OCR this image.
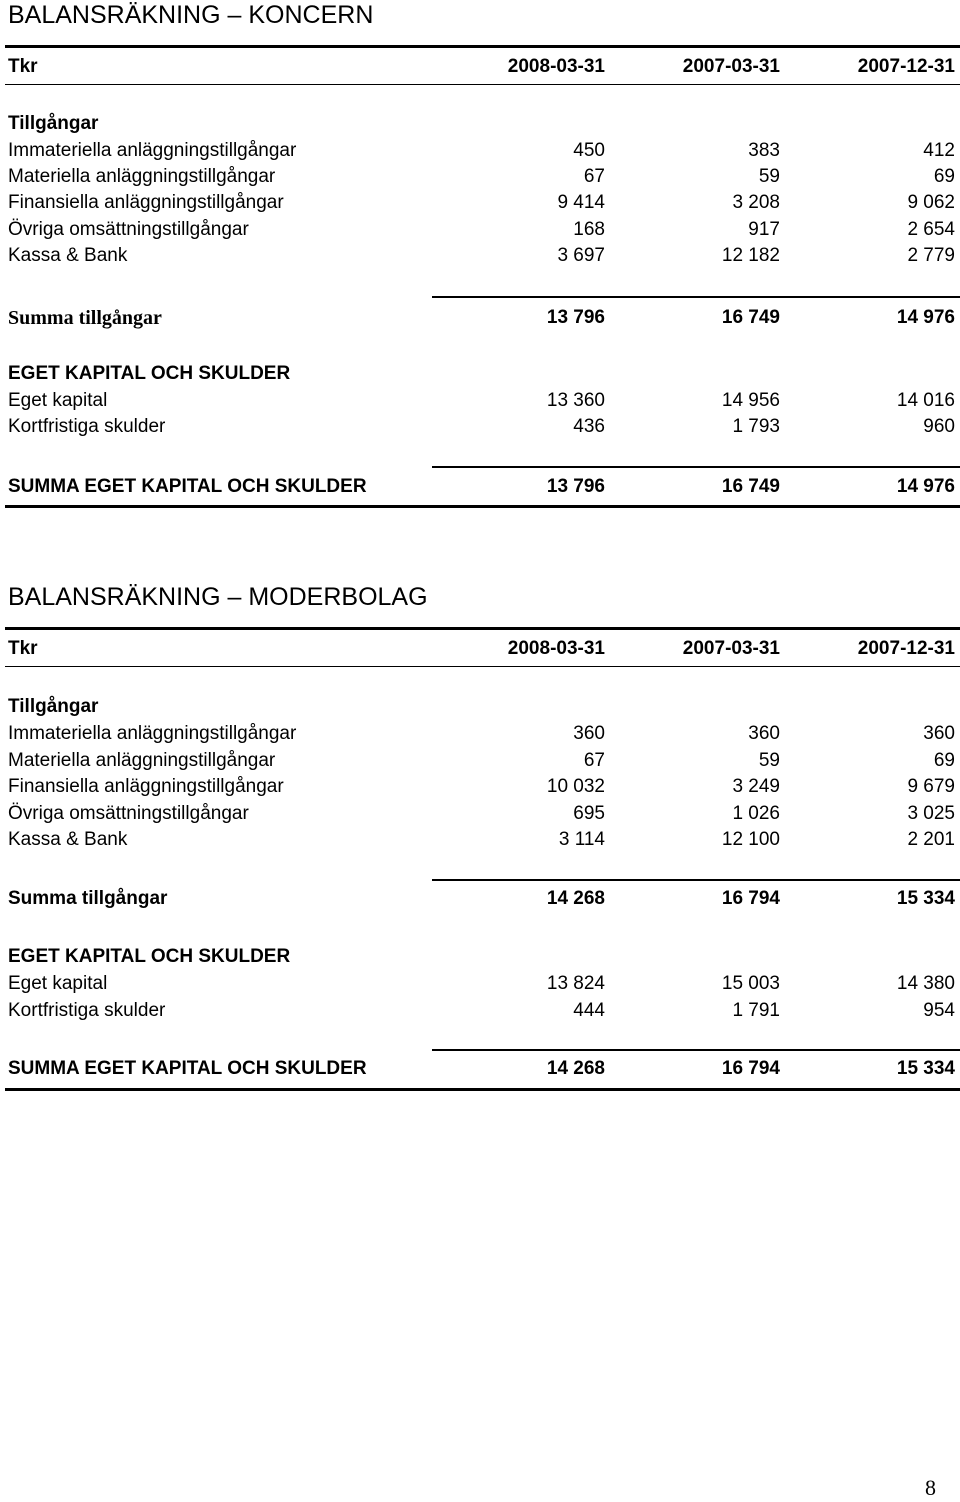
BALANSRÄKNING – KONCERN
Tkr	2008-03-31	2007-03-31	2007-12-31
Tillgångar
Immateriella anläggningstillgångar	450	383	412
Materiella anläggningstillgångar	67	59	69
Finansiella anläggningstillgångar	9 414	3 208	9 062
Övriga omsättningstillgångar	168	917	2 654
Kassa & Bank	3 697	12 182	2 779
Summa tillgångar	13 796	16 749	14 976
EGET KAPITAL OCH SKULDER
Eget kapital	13 360	14 956	14 016
Kortfristiga skulder	436	1 793	960
SUMMA EGET KAPITAL OCH SKULDER	13 796	16 749	14 976
BALANSRÄKNING – MODERBOLAG
Tkr	2008-03-31	2007-03-31	2007-12-31
Tillgångar
Immateriella anläggningstillgångar	360	360	360
Materiella anläggningstillgångar	67	59	69
Finansiella anläggningstillgångar	10 032	3 249	9 679
Övriga omsättningstillgångar	695	1 026	3 025
Kassa & Bank	3 114	12 100	2 201
Summa tillgångar	14 268	16 794	15 334
EGET KAPITAL OCH SKULDER
Eget kapital	13 824	15 003	14 380
Kortfristiga skulder	444	1 791	954
SUMMA EGET KAPITAL OCH SKULDER	14 268	16 794	15 334
8
